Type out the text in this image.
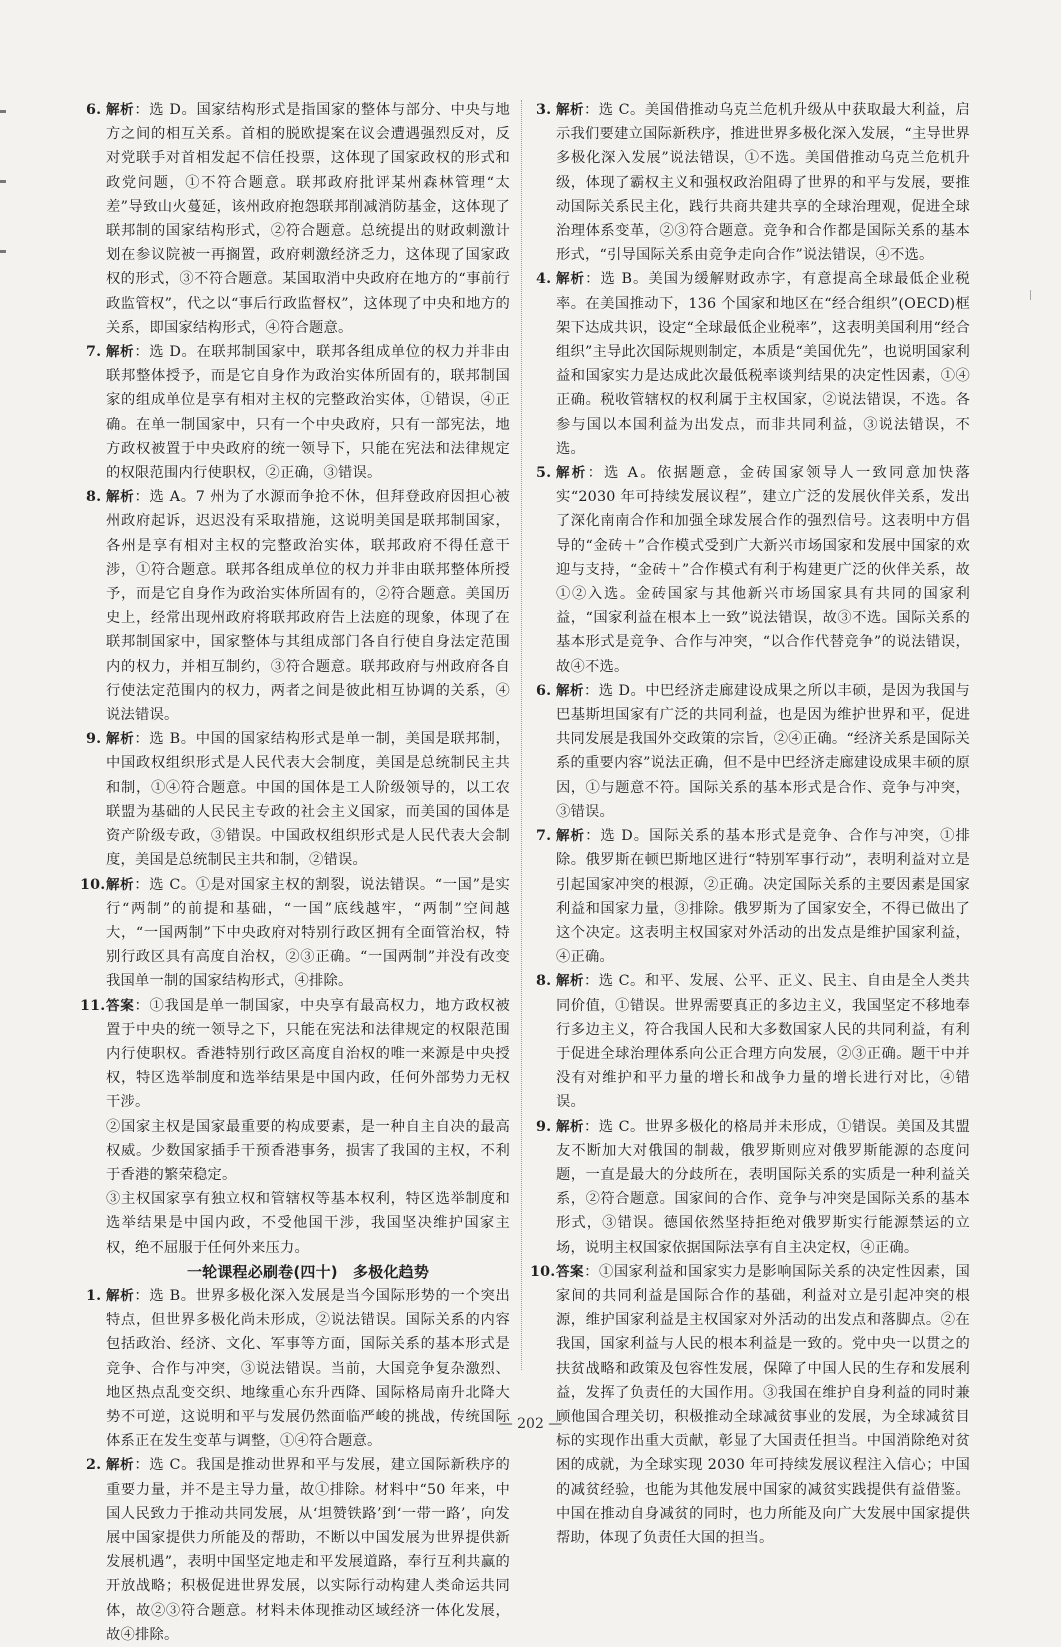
6. 解析：选 D。国家结构形式是指国家的整体与部分、中央与地方之间的相互关系。首相的脱欧提案在议会遭遇强烈反对，反对党联手对首相发起不信任投票，这体现了国家政权的形式和政党问题，①不符合题意。联邦政府批评某州森林管理“太差”导致山火蔓延，该州政府抱怨联邦削减消防基金，这体现了联邦制的国家结构形式，②符合题意。总统提出的财政刺激计划在参议院被一再搁置，政府刺激经济乏力，这体现了国家政权的形式，③不符合题意。某国取消中央政府在地方的“事前行政监管权”，代之以“事后行政监督权”，这体现了中央和地方的关系，即国家结构形式，④符合题意。

7. 解析：选 D。在联邦制国家中，联邦各组成单位的权力并非由联邦整体授予，而是它自身作为政治实体所固有的，联邦制国家的组成单位是享有相对主权的完整政治实体，①错误，④正确。在单一制国家中，只有一个中央政府，只有一部宪法，地方政权被置于中央政府的统一领导下，只能在宪法和法律规定的权限范围内行使职权，②正确，③错误。

8. 解析：选 A。7 州为了水源而争抢不休，但拜登政府因担心被州政府起诉，迟迟没有采取措施，这说明美国是联邦制国家，各州是享有相对主权的完整政治实体，联邦政府不得任意干涉，①符合题意。联邦各组成单位的权力并非由联邦整体所授予，而是它自身作为政治实体所固有的，②符合题意。美国历史上，经常出现州政府将联邦政府告上法庭的现象，体现了在联邦制国家中，国家整体与其组成部门各自行使自身法定范围内的权力，并相互制约，③符合题意。联邦政府与州政府各自行使法定范围内的权力，两者之间是彼此相互协调的关系，④说法错误。

9. 解析：选 B。中国的国家结构形式是单一制，美国是联邦制，中国政权组织形式是人民代表大会制度，美国是总统制民主共和制，①④符合题意。中国的国体是工人阶级领导的，以工农联盟为基础的人民民主专政的社会主义国家，而美国的国体是资产阶级专政，③错误。中国政权组织形式是人民代表大会制度，美国是总统制民主共和制，②错误。

10. 解析：选 C。①是对国家主权的割裂，说法错误。“一国”是实行“两制”的前提和基础，“一国”底线越牢，“两制”空间越大，“一国两制”下中央政府对特别行政区拥有全面管治权，特别行政区具有高度自治权，②③正确。“一国两制”并没有改变我国单一制的国家结构形式，④排除。

11. 答案：①我国是单一制国家，中央享有最高权力，地方政权被置于中央的统一领导之下，只能在宪法和法律规定的权限范围内行使职权。香港特别行政区高度自治权的唯一来源是中央授权，特区选举制度和选举结果是中国内政，任何外部势力无权干涉。

②国家主权是国家最重要的构成要素，是一种自主自决的最高权威。少数国家插手干预香港事务，损害了我国的主权，不利于香港的繁荣稳定。

③主权国家享有独立权和管辖权等基本权利，特区选举制度和选举结果是中国内政，不受他国干涉，我国坚决维护国家主权，绝不屈服于任何外来压力。

一轮课程必刷卷(四十)　多极化趋势

1. 解析：选 B。世界多极化深入发展是当今国际形势的一个突出特点，但世界多极化尚未形成，②说法错误。国际关系的内容包括政治、经济、文化、军事等方面，国际关系的基本形式是竞争、合作与冲突，③说法错误。当前，大国竞争复杂激烈、地区热点乱变交织、地缘重心东升西降、国际格局南升北降大势不可逆，这说明和平与发展仍然面临严峻的挑战，传统国际体系正在发生变革与调整，①④符合题意。

2. 解析：选 C。我国是推动世界和平与发展，建立国际新秩序的重要力量，并不是主导力量，故①排除。材料中“50 年来，中国人民致力于推动共同发展，从‘坦赞铁路’到‘一带一路’，向发展中国家提供力所能及的帮助，不断以中国发展为世界提供新发展机遇”，表明中国坚定地走和平发展道路，奉行互利共赢的开放战略；积极促进世界发展，以实际行动构建人类命运共同体，故②③符合题意。材料未体现推动区域经济一体化发展，故④排除。

3. 解析：选 C。美国借推动乌克兰危机升级从中获取最大利益，启示我们要建立国际新秩序，推进世界多极化深入发展，“主导世界多极化深入发展”说法错误，①不选。美国借推动乌克兰危机升级，体现了霸权主义和强权政治阻碍了世界的和平与发展，要推动国际关系民主化，践行共商共建共享的全球治理观，促进全球治理体系变革，②③符合题意。竞争和合作都是国际关系的基本形式，“引导国际关系由竞争走向合作”说法错误，④不选。

4. 解析：选 B。美国为缓解财政赤字，有意提高全球最低企业税率。在美国推动下，136 个国家和地区在“经合组织”(OECD)框架下达成共识，设定“全球最低企业税率”，这表明美国利用“经合组织”主导此次国际规则制定，本质是“美国优先”，也说明国家利益和国家实力是达成此次最低税率谈判结果的决定性因素，①④正确。税收管辖权的权利属于主权国家，②说法错误，不选。各参与国以本国利益为出发点，而非共同利益，③说法错误，不选。

5. 解析：选 A。依据题意，金砖国家领导人一致同意加快落实“2030 年可持续发展议程”，建立广泛的发展伙伴关系，发出了深化南南合作和加强全球发展合作的强烈信号。这表明中方倡导的“金砖＋”合作模式受到广大新兴市场国家和发展中国家的欢迎与支持，“金砖＋”合作模式有利于构建更广泛的伙伴关系，故①②入选。金砖国家与其他新兴市场国家具有共同的国家利益，“国家利益在根本上一致”说法错误，故③不选。国际关系的基本形式是竞争、合作与冲突，“以合作代替竞争”的说法错误，故④不选。

6. 解析：选 D。中巴经济走廊建设成果之所以丰硕，是因为我国与巴基斯坦国家有广泛的共同利益，也是因为维护世界和平，促进共同发展是我国外交政策的宗旨，②④正确。“经济关系是国际关系的重要内容”说法正确，但不是中巴经济走廊建设成果丰硕的原因，①与题意不符。国际关系的基本形式是合作、竞争与冲突，③错误。

7. 解析：选 D。国际关系的基本形式是竞争、合作与冲突，①排除。俄罗斯在顿巴斯地区进行“特别军事行动”，表明利益对立是引起国家冲突的根源，②正确。决定国际关系的主要因素是国家利益和国家力量，③排除。俄罗斯为了国家安全，不得已做出了这个决定。这表明主权国家对外活动的出发点是维护国家利益，④正确。

8. 解析：选 C。和平、发展、公平、正义、民主、自由是全人类共同价值，①错误。世界需要真正的多边主义，我国坚定不移地奉行多边主义，符合我国人民和大多数国家人民的共同利益，有利于促进全球治理体系向公正合理方向发展，②③正确。题干中并没有对维护和平力量的增长和战争力量的增长进行对比，④错误。

9. 解析：选 C。世界多极化的格局并未形成，①错误。美国及其盟友不断加大对俄国的制裁，俄罗斯则应对俄罗斯能源的态度问题，一直是最大的分歧所在，表明国际关系的实质是一种利益关系，②符合题意。国家间的合作、竞争与冲突是国际关系的基本形式，③错误。德国依然坚持拒绝对俄罗斯实行能源禁运的立场，说明主权国家依据国际法享有自主决定权，④正确。

10. 答案：①国家利益和国家实力是影响国际关系的决定性因素，国家间的共同利益是国际合作的基础，利益对立是引起冲突的根源，维护国家利益是主权国家对外活动的出发点和落脚点。②在我国，国家利益与人民的根本利益是一致的。党中央一以贯之的扶贫战略和政策及包容性发展，保障了中国人民的生存和发展利益，发挥了负责任的大国作用。③我国在维护自身利益的同时兼顾他国合理关切，积极推动全球减贫事业的发展，为全球减贫目标的实现作出重大贡献，彰显了大国责任担当。中国消除绝对贫困的成就，为全球实现 2030 年可持续发展议程注入信心；中国的减贫经验，也能为其他发展中国家的减贫实践提供有益借鉴。中国在推动自身减贫的同时，也力所能及向广大发展中国家提供帮助，体现了负责任大国的担当。

— 202 —
